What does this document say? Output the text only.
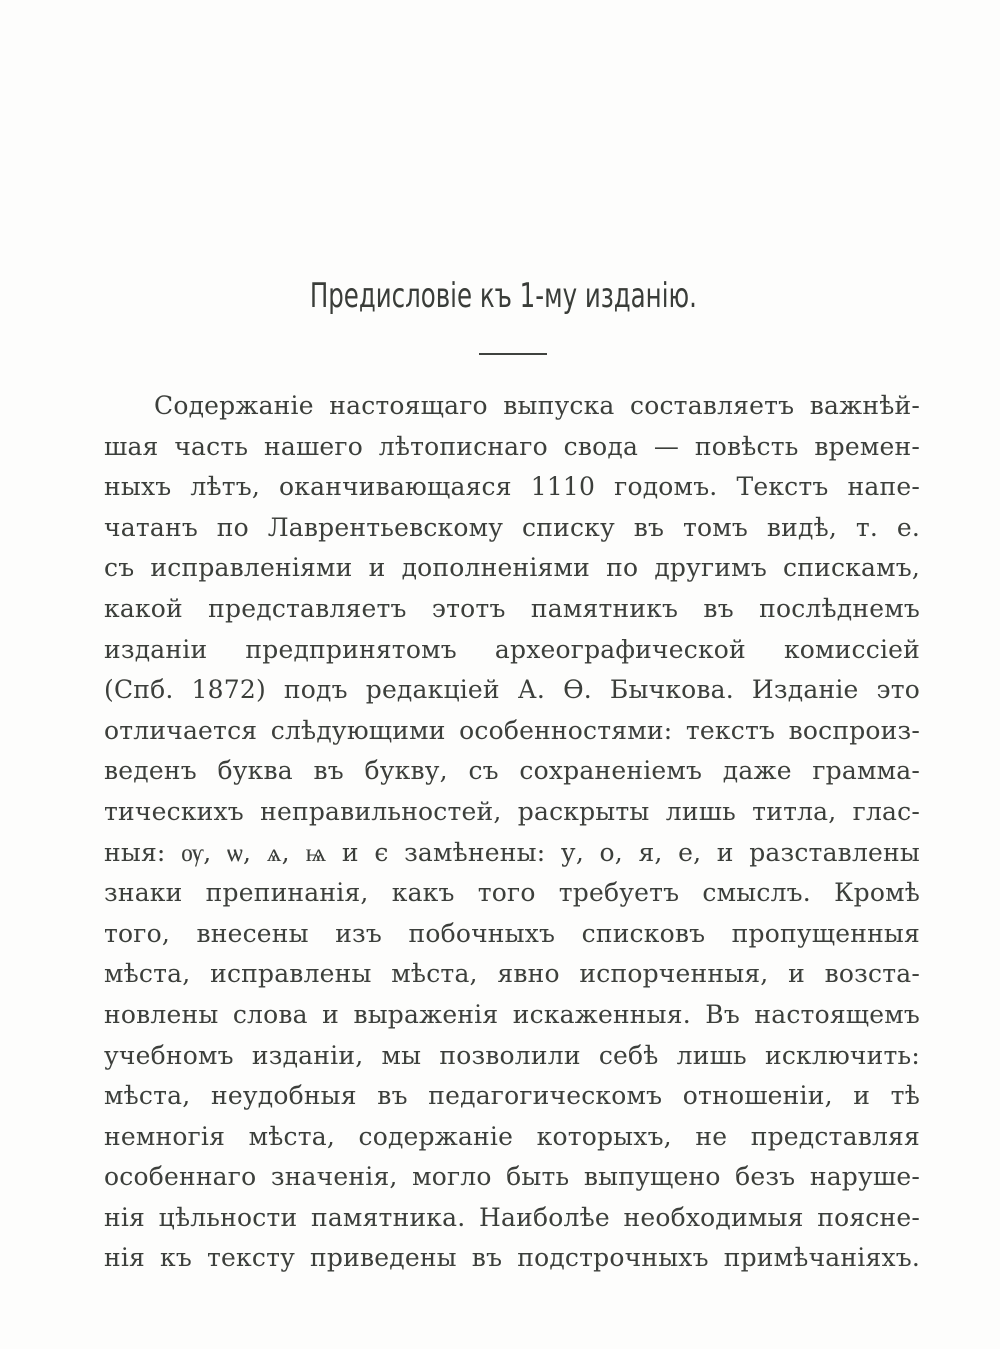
Предисловіе къ 1-му изданію.
Содержаніе настоящаго выпуска составляетъ важнѣй-
шая часть нашего лѣтописнаго свода — повѣсть времен-
ныхъ лѣтъ, оканчивающаяся 1110 годомъ. Текстъ напе-
чатанъ по Лаврентьевскому списку въ томъ видѣ, т. е.
съ исправленіями и дополненіями по другимъ спискамъ,
какой представляетъ этотъ памятникъ въ послѣднемъ
изданіи предпринятомъ археографической комиссіей
(Спб. 1872) подъ редакціей А. Ѳ. Бычкова. Изданіе это
отличается слѣдующими особенностями: текстъ воспроиз-
веденъ буква въ букву, съ сохраненіемъ даже грамма-
тическихъ неправильностей, раскрыты лишь титла, глас-
ныя: ѹ, ѡ, ѧ, ѩ и є замѣнены: у, о, я, е, и разставлены
знаки препинанія, какъ того требуетъ смыслъ. Кромѣ
того, внесены изъ побочныхъ списковъ пропущенныя
мѣста, исправлены мѣста, явно испорченныя, и возста-
новлены слова и выраженія искаженныя. Въ настоящемъ
учебномъ изданіи, мы позволили себѣ лишь исключить:
мѣста, неудобныя въ педагогическомъ отношеніи, и тѣ
немногія мѣста, содержаніе которыхъ, не представляя
особеннаго значенія, могло быть выпущено безъ наруше-
нія цѣльности памятника. Наиболѣе необходимыя поясне-
нія къ тексту приведены въ подстрочныхъ примѣчаніяхъ.
